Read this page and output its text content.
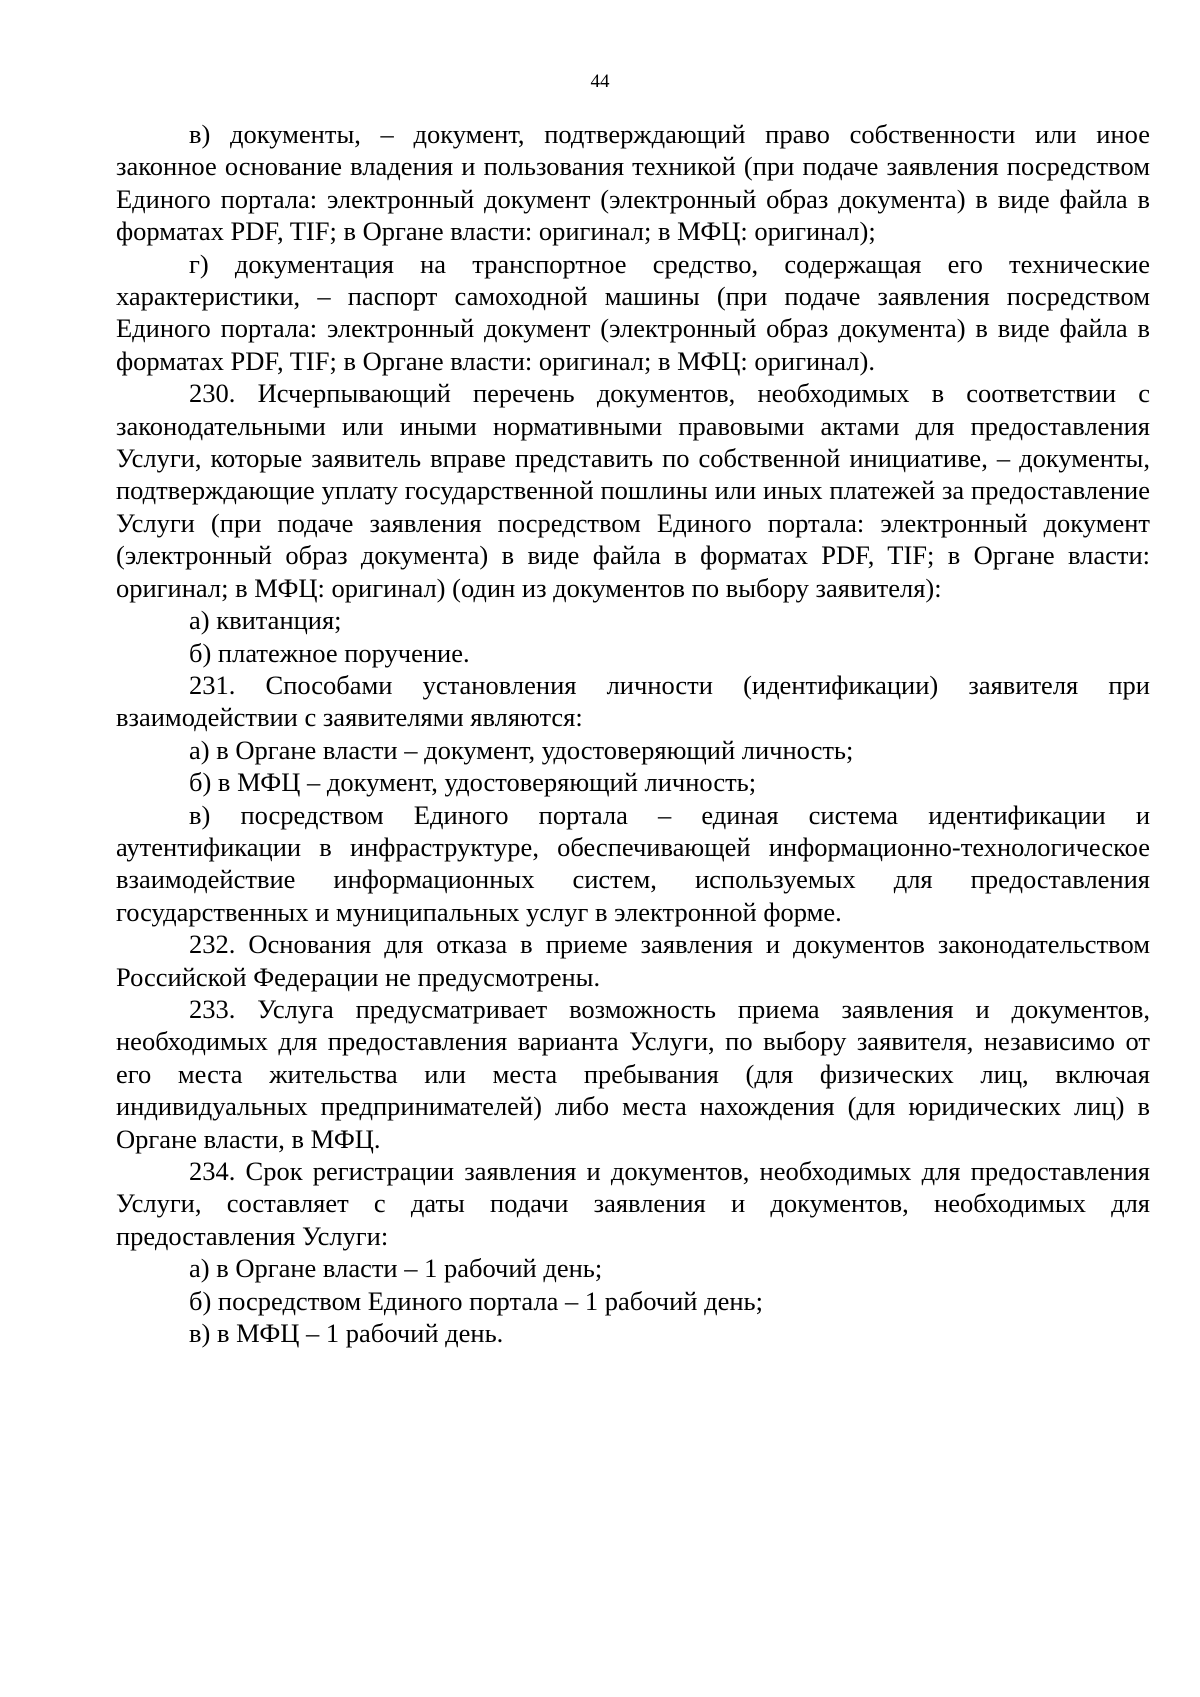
44

в) документы, – документ, подтверждающий право собственности или иное законное основание владения и пользования техникой (при подаче заявления посредством Единого портала: электронный документ (электронный образ документа) в виде файла в форматах PDF, TIF; в Органе власти: оригинал; в МФЦ: оригинал);

г) документация на транспортное средство, содержащая его технические характеристики, – паспорт самоходной машины (при подаче заявления посредством Единого портала: электронный документ (электронный образ документа) в виде файла в форматах PDF, TIF; в Органе власти: оригинал; в МФЦ: оригинал).

230. Исчерпывающий перечень документов, необходимых в соответствии с законодательными или иными нормативными правовыми актами для предоставления Услуги, которые заявитель вправе представить по собственной инициативе, – документы, подтверждающие уплату государственной пошлины или иных платежей за предоставление Услуги (при подаче заявления посредством Единого портала: электронный документ (электронный образ документа) в виде файла в форматах PDF, TIF; в Органе власти: оригинал; в МФЦ: оригинал) (один из документов по выбору заявителя):

а) квитанция;

б) платежное поручение.

231. Способами установления личности (идентификации) заявителя при взаимодействии с заявителями являются:

а) в Органе власти – документ, удостоверяющий личность;

б) в МФЦ – документ, удостоверяющий личность;

в) посредством Единого портала – единая система идентификации и аутентификации в инфраструктуре, обеспечивающей информационно-технологическое взаимодействие информационных систем, используемых для предоставления государственных и муниципальных услуг в электронной форме.

232. Основания для отказа в приеме заявления и документов законодательством Российской Федерации не предусмотрены.

233. Услуга предусматривает возможность приема заявления и документов, необходимых для предоставления варианта Услуги, по выбору заявителя, независимо от его места жительства или места пребывания (для физических лиц, включая индивидуальных предпринимателей) либо места нахождения (для юридических лиц) в Органе власти, в МФЦ.

234. Срок регистрации заявления и документов, необходимых для предоставления Услуги, составляет с даты подачи заявления и документов, необходимых для предоставления Услуги:

а) в Органе власти – 1 рабочий день;

б) посредством Единого портала – 1 рабочий день;

в) в МФЦ – 1 рабочий день.
